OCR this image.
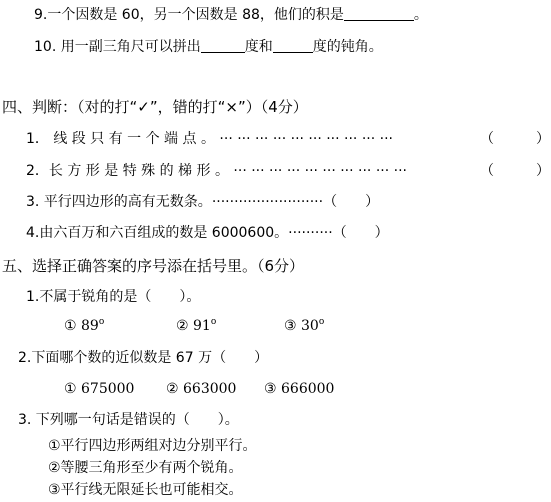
9.一个因数是 60，另一个因数是 88，他们的积是	。
10. 用一副三角尺可以拼出	度和	度的钝角。
四、判断：（对的打“✓”，错的打“×”）（4分）
1． 线 段 只 有 一 个 端 点 。 ··· ··· ··· ··· ··· ··· ··· ··· ··· ···	（　　　）
2．长 方 形 是 特 殊 的 梯 形 。 ··· ··· ··· ··· ··· ··· ··· ··· ··· ···	（　　　）
3. 平行四边形的高有无数条。·························（　　）
4.由六百万和六百组成的数是 6000600。··········（　　）
五、选择正确答案的序号添在括号里。（6分）
1.不属于锐角的是（　　）。
① 89$^o$	② 91$^o$	③ 30$^o$
2.下面哪个数的近似数是 67 万（　　）
① 675000 ② 663000 ③ 666000
3. 下列哪一句话是错误的（　　）。
①平行四边形两组对边分别平行。
②等腰三角形至少有两个锐角。
③平行线无限延长也可能相交。
